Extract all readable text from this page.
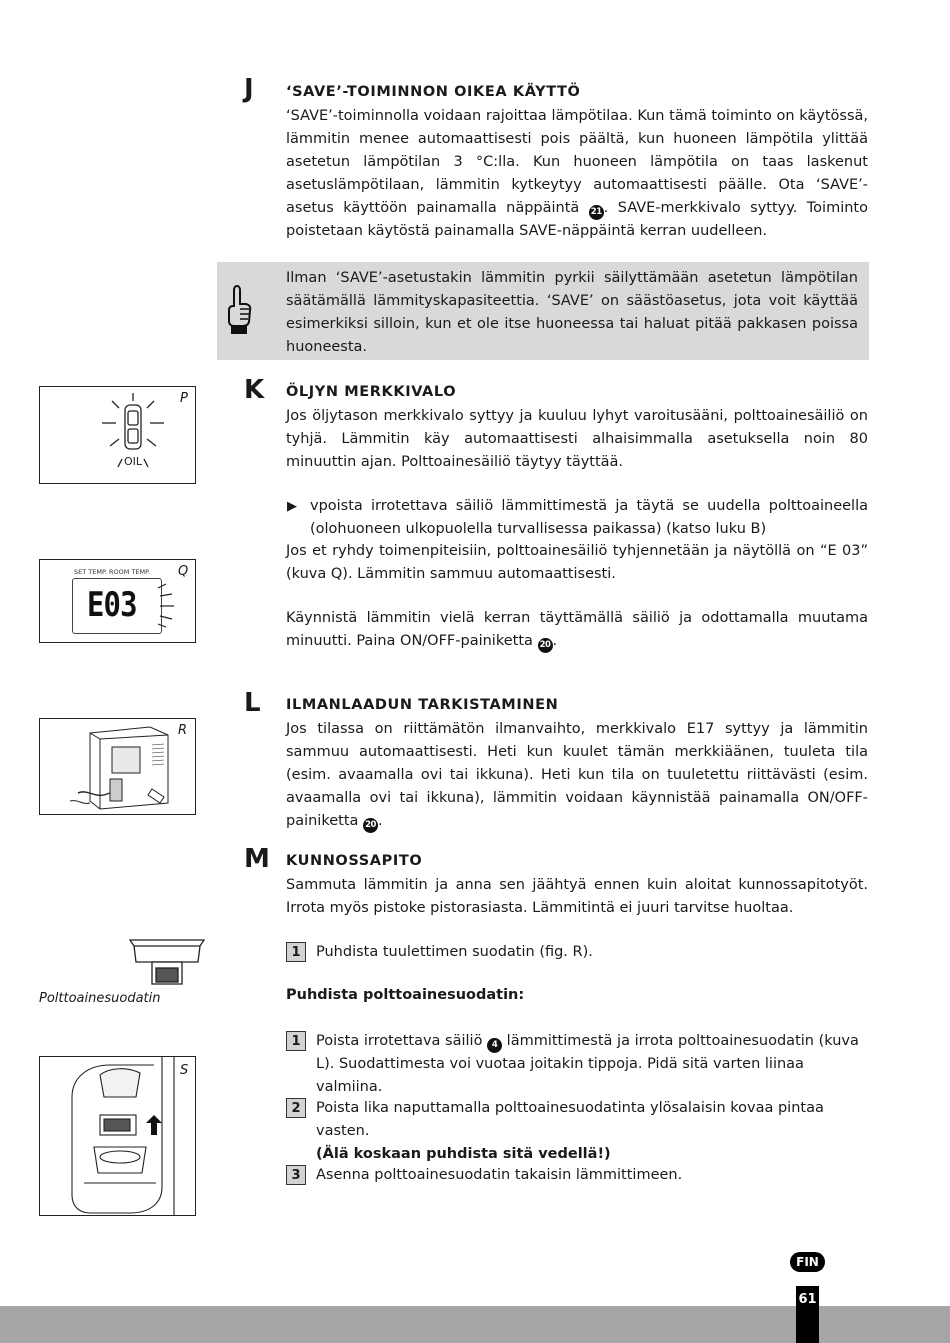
J ‘SAVE’-TOIMINNON OIKEA KÄYTTÖ

‘SAVE’-toiminnolla voidaan rajoittaa lämpötilaa. Kun tämä toiminto on käytössä, lämmitin menee automaattisesti pois päältä, kun huoneen lämpötila ylittää asetetun lämpötilan 3 °C:lla. Kun huoneen lämpötila on taas laskenut asetuslämpötilaan, lämmitin kytkeytyy automaattisesti päälle. Ota ‘SAVE’-asetus käyttöön painamalla näppäintä 21 . SAVE-merkkivalo syttyy. Toiminto poistetaan käytöstä painamalla SAVE-näppäintä kerran uudelleen.

Ilman ‘SAVE’-asetustakin lämmitin pyrkii säilyttämään asetetun lämpötilan säätämällä lämmityskapasiteettia. ‘SAVE’ on säästöasetus, jota voit käyttää esimerkiksi silloin, kun et ole itse huoneessa tai haluat pitää pakkasen poissa huoneesta.

K ÖLJYN MERKKIVALO

Jos öljytason merkkivalo syttyy ja kuuluu lyhyt varoitusääni, polttoainesäiliö on tyhjä. Lämmitin käy automaattisesti alhaisimmalla asetuksella noin 80 minuuttin ajan. Polttoainesäiliö täytyy täyttää.

▶ vpoista irrotettava säiliö lämmittimestä ja täytä se uudella polttoaineella (olohuoneen ulkopuolella turvallisessa paikassa) (katso luku B)

Jos et ryhdy toimenpiteisiin, polttoainesäiliö tyhjennetään ja näytöllä on “E 03” (kuva Q). Lämmitin sammuu automaattisesti.

Käynnistä lämmitin vielä kerran täyttämällä säiliö ja odottamalla muutama minuutti. Paina ON/OFF-painiketta 20 .

L ILMANLAADUN TARKISTAMINEN

Jos tilassa on riittämätön ilmanvaihto, merkkivalo E17 syttyy ja lämmitin sammuu automaattisesti. Heti kun kuulet tämän merkkiäänen, tuuleta tila (esim. avaamalla ovi tai ikkuna). Heti kun tila on tuuletettu riittävästi (esim. avaamalla ovi tai ikkuna), lämmitin voidaan käynnistää painamalla ON/OFF-painiketta 20 .

M KUNNOSSAPITO

Sammuta lämmitin ja anna sen jäähtyä ennen kuin aloitat kunnossapitotyöt. Irrota myös pistoke pistorasiasta. Lämmitintä ei juuri tarvitse huoltaa.

1	Puhdista tuulettimen suodatin (fig. R).

Puhdista polttoainesuodatin:
1	Poista irrotettava säiliö 4 lämmittimestä ja irrota polttoainesuodatin (kuva L). Suodattimesta voi vuotaa joitakin tippoja. Pidä sitä varten liinaa valmiina.

2	Poista lika naputtamalla polttoainesuodatinta ylösalaisin kovaa pintaa vasten.
(Älä koskaan puhdista sitä vedellä!)

3	Asenna polttoainesuodatin takaisin lämmittimeen.

P
OIL
Q
SET TEMP. ROOM TEMP.
E03
R
Polttoainesuodatin
S
FIN
61
